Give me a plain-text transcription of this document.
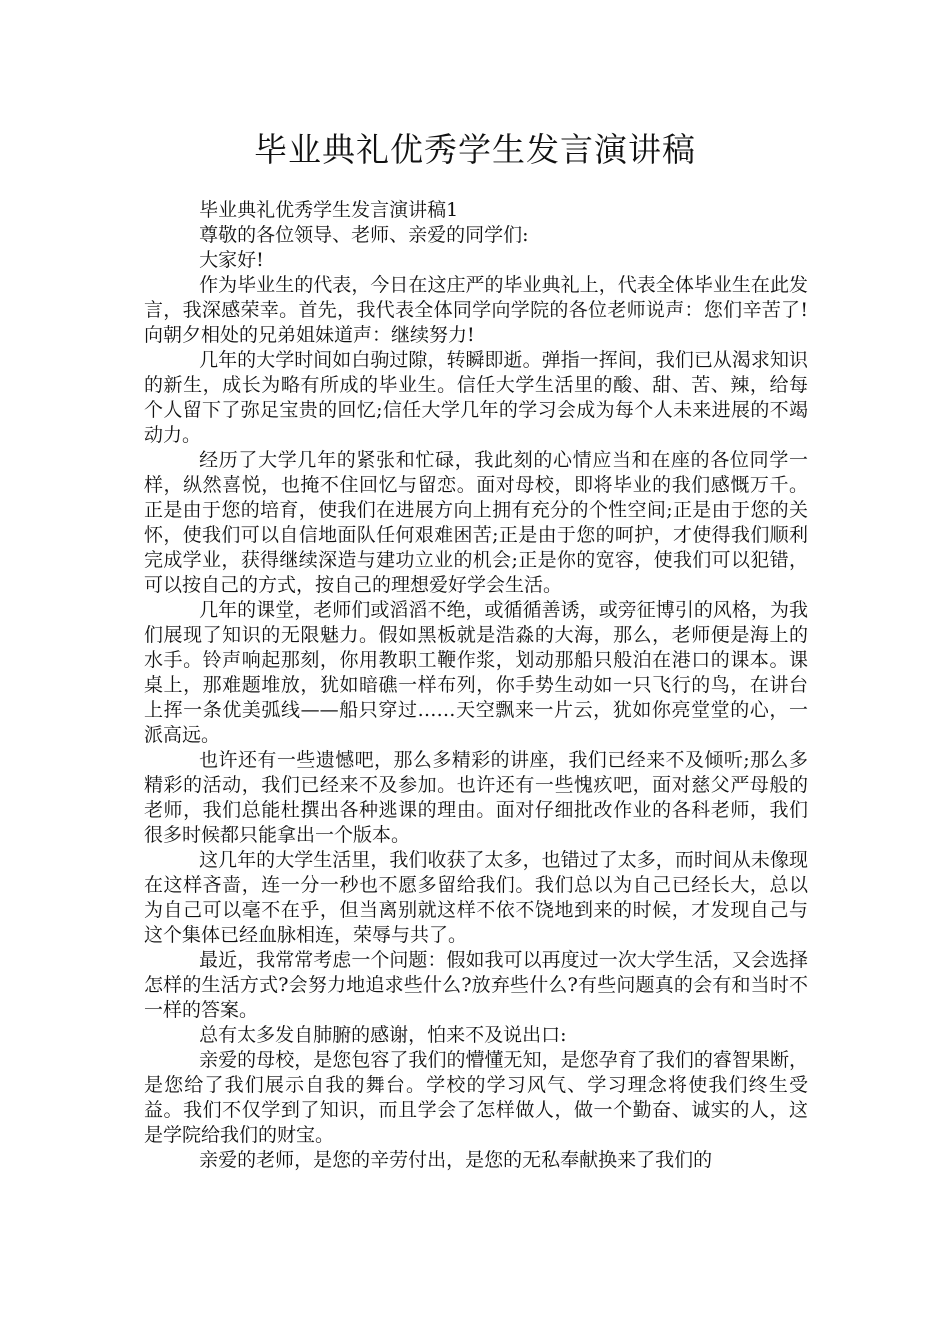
毕业典礼优秀学生发言演讲稿

毕业典礼优秀学生发言演讲稿1

尊敬的各位领导、老师、亲爱的同学们:

大家好!

作为毕业生的代表，今日在这庄严的毕业典礼上，代表全体毕业生在此发言，我深感荣幸。首先，我代表全体同学向学院的各位老师说声：您们辛苦了!向朝夕相处的兄弟姐妹道声：继续努力!

几年的大学时间如白驹过隙，转瞬即逝。弹指一挥间，我们已从渴求知识的新生，成长为略有所成的毕业生。信任大学生活里的酸、甜、苦、辣，给每个人留下了弥足宝贵的回忆;信任大学几年的学习会成为每个人未来进展的不竭动力。

经历了大学几年的紧张和忙碌，我此刻的心情应当和在座的各位同学一样，纵然喜悦，也掩不住回忆与留恋。面对母校，即将毕业的我们感慨万千。正是由于您的培育，使我们在进展方向上拥有充分的个性空间;正是由于您的关怀，使我们可以自信地面队任何艰难困苦;正是由于您的呵护，才使得我们顺利完成学业，获得继续深造与建功立业的机会;正是你的宽容，使我们可以犯错，可以按自己的方式，按自己的理想爱好学会生活。

几年的课堂，老师们或滔滔不绝，或循循善诱，或旁征博引的风格，为我们展现了知识的无限魅力。假如黑板就是浩淼的大海，那么，老师便是海上的水手。铃声响起那刻，你用教职工鞭作浆，划动那船只般泊在港口的课本。课桌上，那难题堆放，犹如暗礁一样布列，你手势生动如一只飞行的鸟，在讲台上挥一条优美弧线——船只穿过……天空飘来一片云，犹如你亮堂堂的心，一派高远。

也许还有一些遗憾吧，那么多精彩的讲座，我们已经来不及倾听;那么多精彩的活动，我们已经来不及参加。也许还有一些愧疚吧，面对慈父严母般的老师，我们总能杜撰出各种逃课的理由。面对仔细批改作业的各科老师，我们很多时候都只能拿出一个版本。

这几年的大学生活里，我们收获了太多，也错过了太多，而时间从未像现在这样吝啬，连一分一秒也不愿多留给我们。我们总以为自己已经长大，总以为自己可以毫不在乎，但当离别就这样不依不饶地到来的时候，才发现自己与这个集体已经血脉相连，荣辱与共了。

最近，我常常考虑一个问题：假如我可以再度过一次大学生活，又会选择怎样的生活方式?会努力地追求些什么?放弃些什么?有些问题真的会有和当时不一样的答案。

总有太多发自肺腑的感谢，怕来不及说出口:

亲爱的母校，是您包容了我们的懵懂无知，是您孕育了我们的睿智果断，是您给了我们展示自我的舞台。学校的学习风气、学习理念将使我们终生受益。我们不仅学到了知识，而且学会了怎样做人，做一个勤奋、诚实的人，这是学院给我们的财宝。

亲爱的老师，是您的辛劳付出，是您的无私奉献换来了我们的
